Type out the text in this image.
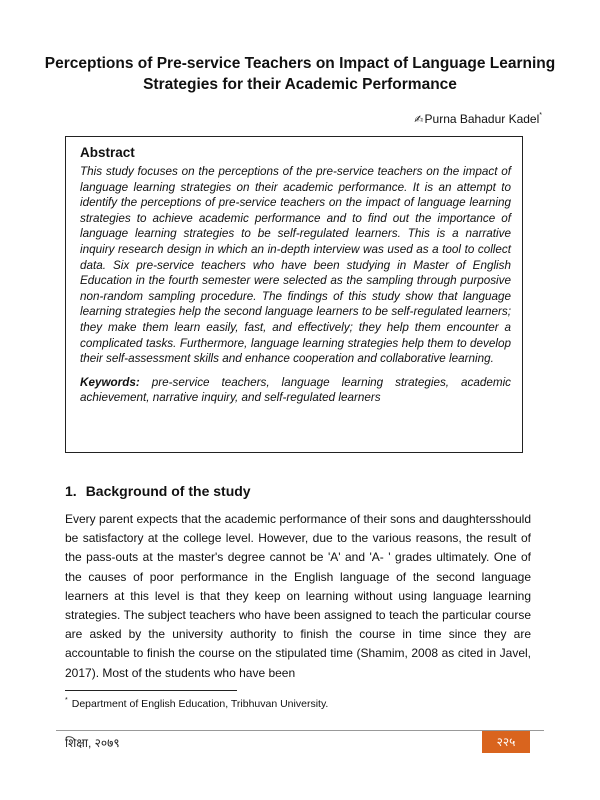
Perceptions of Pre-service Teachers on Impact of Language Learning Strategies for their Academic Performance
✍Purna Bahadur Kadel*
Abstract

This study focuses on the perceptions of the pre-service teachers on the impact of language learning strategies on their academic performance. It is an attempt to identify the perceptions of pre-service teachers on the impact of language learning strategies to achieve academic performance and to find out the importance of language learning strategies to be self-regulated learners. This is a narrative inquiry research design in which an in-depth interview was used as a tool to collect data. Six pre-service teachers who have been studying in Master of English Education in the fourth semester were selected as the sampling through purposive non-random sampling procedure. The findings of this study show that language learning strategies help the second language learners to be self-regulated learners; they make them learn easily, fast, and effectively; they help them encounter a complicated tasks. Furthermore, language learning strategies help them to develop their self-assessment skills and enhance cooperation and collaborative learning.

Keywords: pre-service teachers, language learning strategies, academic achievement, narrative inquiry, and self-regulated learners

1. Background of the study

Every parent expects that the academic performance of their sons and daughtersshould be satisfactory at the college level. However, due to the various reasons, the result of the pass-outs at the master's degree cannot be 'A' and 'A- ' grades ultimately. One of the causes of poor performance in the English language of the second language learners at this level is that they keep on learning without using language learning strategies. The subject teachers who have been assigned to teach the particular course are asked by the university authority to finish the course in time since they are accountable to finish the course on the stipulated time (Shamim, 2008 as cited in Javel, 2017). Most of the students who have been

* Department of English Education, Tribhuvan University.
शिक्षा, २०७९	२२५
